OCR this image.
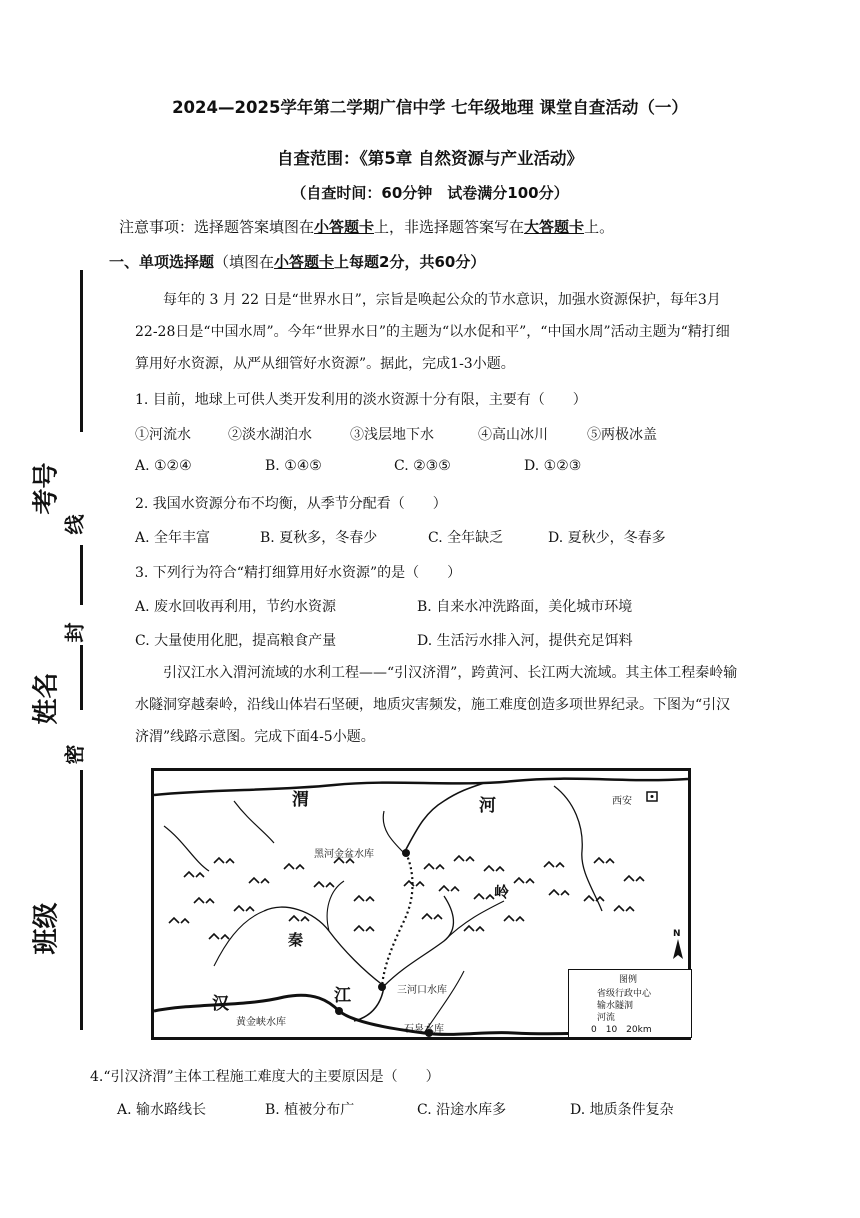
2024—2025学年第二学期广信中学 七年级地理 课堂自查活动（一）
自查范围：《第5章 自然资源与产业活动》
（自查时间：60分钟　试卷满分100分）
注意事项：选择题答案填图在小答题卡上，非选择题答案写在大答题卡上。
一、单项选择题（填图在小答题卡上每题2分，共60分）
考号
线
封
姓名
密
班级
每年的 3 月 22 日是“世界水日”，宗旨是唤起公众的节水意识，加强水资源保护，每年3月22-28日是“中国水周”。今年“世界水日”的主题为“以水促和平”，“中国水周”活动主题为“精打细算用好水资源，从严从细管好水资源”。据此，完成1-3小题。
1. 目前，地球上可供人类开发利用的淡水资源十分有限，主要有（　　）
①河流水	②淡水湖泊水	③浅层地下水	④高山冰川	⑤两极冰盖
A. ①②④	B. ①④⑤	C. ②③⑤	D. ①②③
2. 我国水资源分布不均衡，从季节分配看（　　）
A. 全年丰富	B. 夏秋多，冬春少	C. 全年缺乏	D. 夏秋少，冬春多
3. 下列行为符合“精打细算用好水资源”的是（　　）
A. 废水回收再利用，节约水资源	B. 自来水冲洗路面，美化城市环境
C. 大量使用化肥，提高粮食产量	D. 生活污水排入河，提供充足饵料
引汉江水入渭河流域的水利工程——“引汉济渭”，跨黄河、长江两大流域。其主体工程秦岭输水隧洞穿越秦岭，沿线山体岩石坚硬，地质灾害频发，施工难度创造多项世界纪录。下图为“引汉济渭”线路示意图。完成下面4-5小题。
渭	河	西安
黑河金盆水库
秦
岭
汉	江	三河口水库
黄金峡水库
石泉水库
N
图例
省级行政中心
输水隧洞
河流
0　10　20km
4.“引汉济渭”主体工程施工难度大的主要原因是（　　）
A. 输水路线长	B. 植被分布广	C. 沿途水库多	D. 地质条件复杂
